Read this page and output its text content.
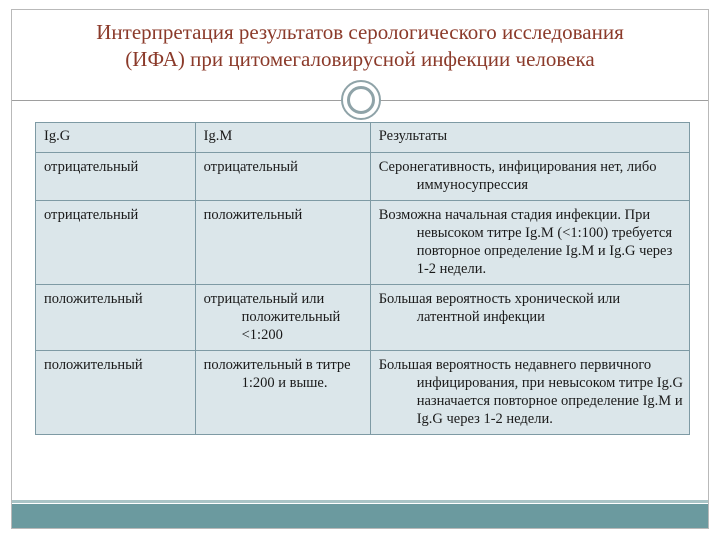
Интерпретация результатов серологического исследования
(ИФА) при цитомегаловирусной инфекции человека
Ig.G	Ig.M	Результаты
отрицательный	отрицательный	Серонегативность, инфицирования нет, либо иммуносупрессия

отрицательный	положительный	Возможна начальная стадия инфекции. При невысоком титре Ig.M (<1:100) требуется повторное определение Ig.M и Ig.G через 1-2 недели.

положительный	отрицательный или положительный <1:200	Большая вероятность хронической или латентной инфекции

положительный	положительный в титре 1:200 и выше.	Большая вероятность недавнего первичного инфицирования, при невысоком титре Ig.G назначается повторное определение Ig.M и Ig.G через 1-2 недели.
